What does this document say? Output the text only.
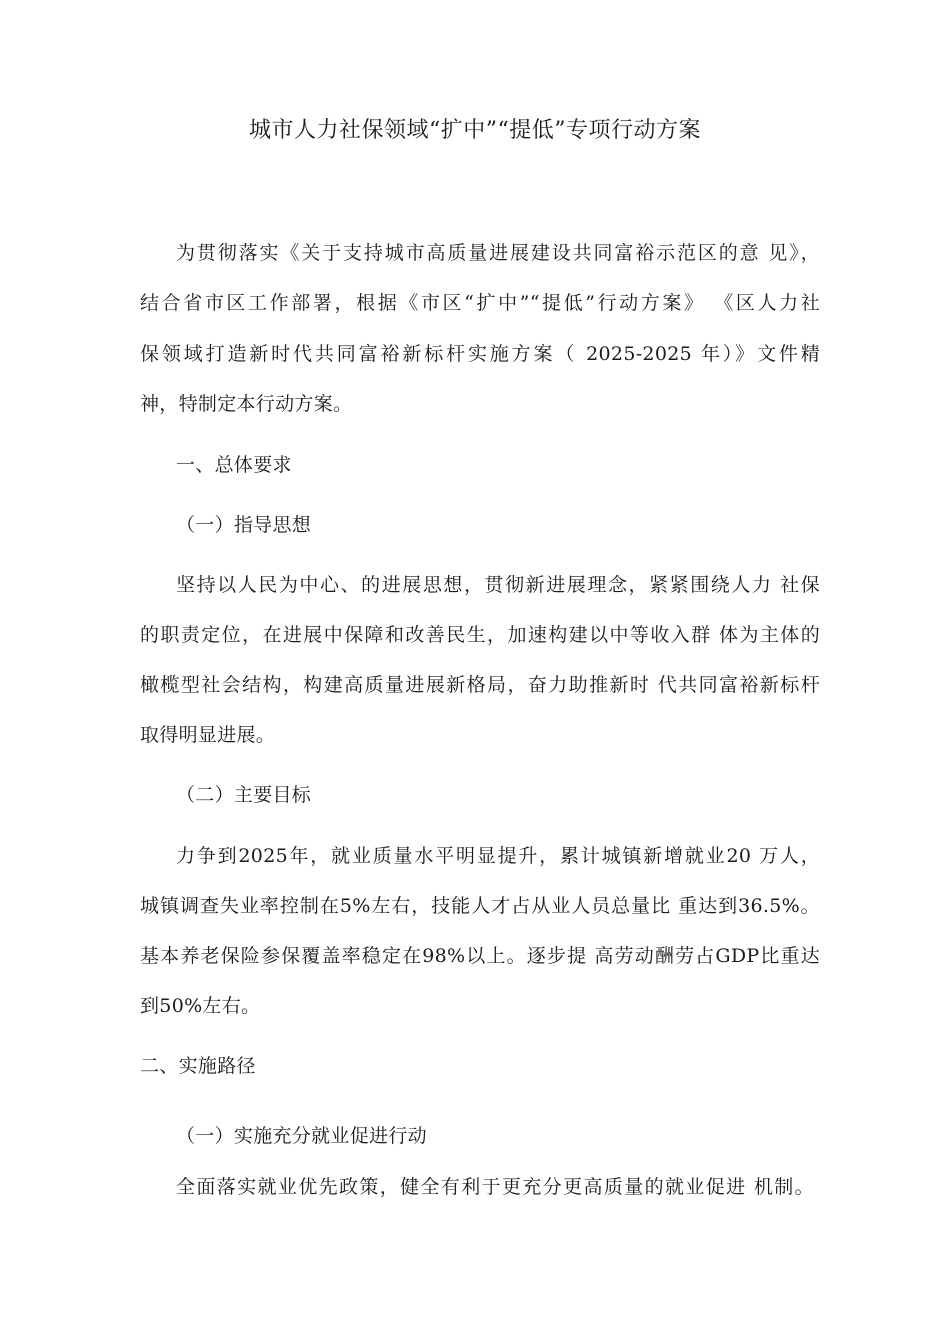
城市人力社保领域“扩中”“提低”专项行动方案
为贯彻落实《关于支持城市高质量进展建设共同富裕示范区的意 见》，
结合省市区工作部署，根据《市区“扩中”“提低”行动方案》 《区人力社
保领域打造新时代共同富裕新标杆实施方案（ 2025-2025 年）》文件精
神，特制定本行动方案。
一、总体要求
（一）指导思想
坚持以人民为中心、的进展思想，贯彻新进展理念，紧紧围绕人力 社保
的职责定位，在进展中保障和改善民生，加速构建以中等收入群 体为主体的
橄榄型社会结构，构建高质量进展新格局，奋力助推新时 代共同富裕新标杆
取得明显进展。
（二）主要目标
力争到2025年，就业质量水平明显提升，累计城镇新增就业20 万人，
城镇调查失业率控制在5%左右，技能人才占从业人员总量比 重达到36.5%。
基本养老保险参保覆盖率稳定在98%以上。逐步提 高劳动酬劳占GDP比重达
到50%左右。
二、实施路径
（一）实施充分就业促进行动
全面落实就业优先政策，健全有利于更充分更高质量的就业促进 机制。
